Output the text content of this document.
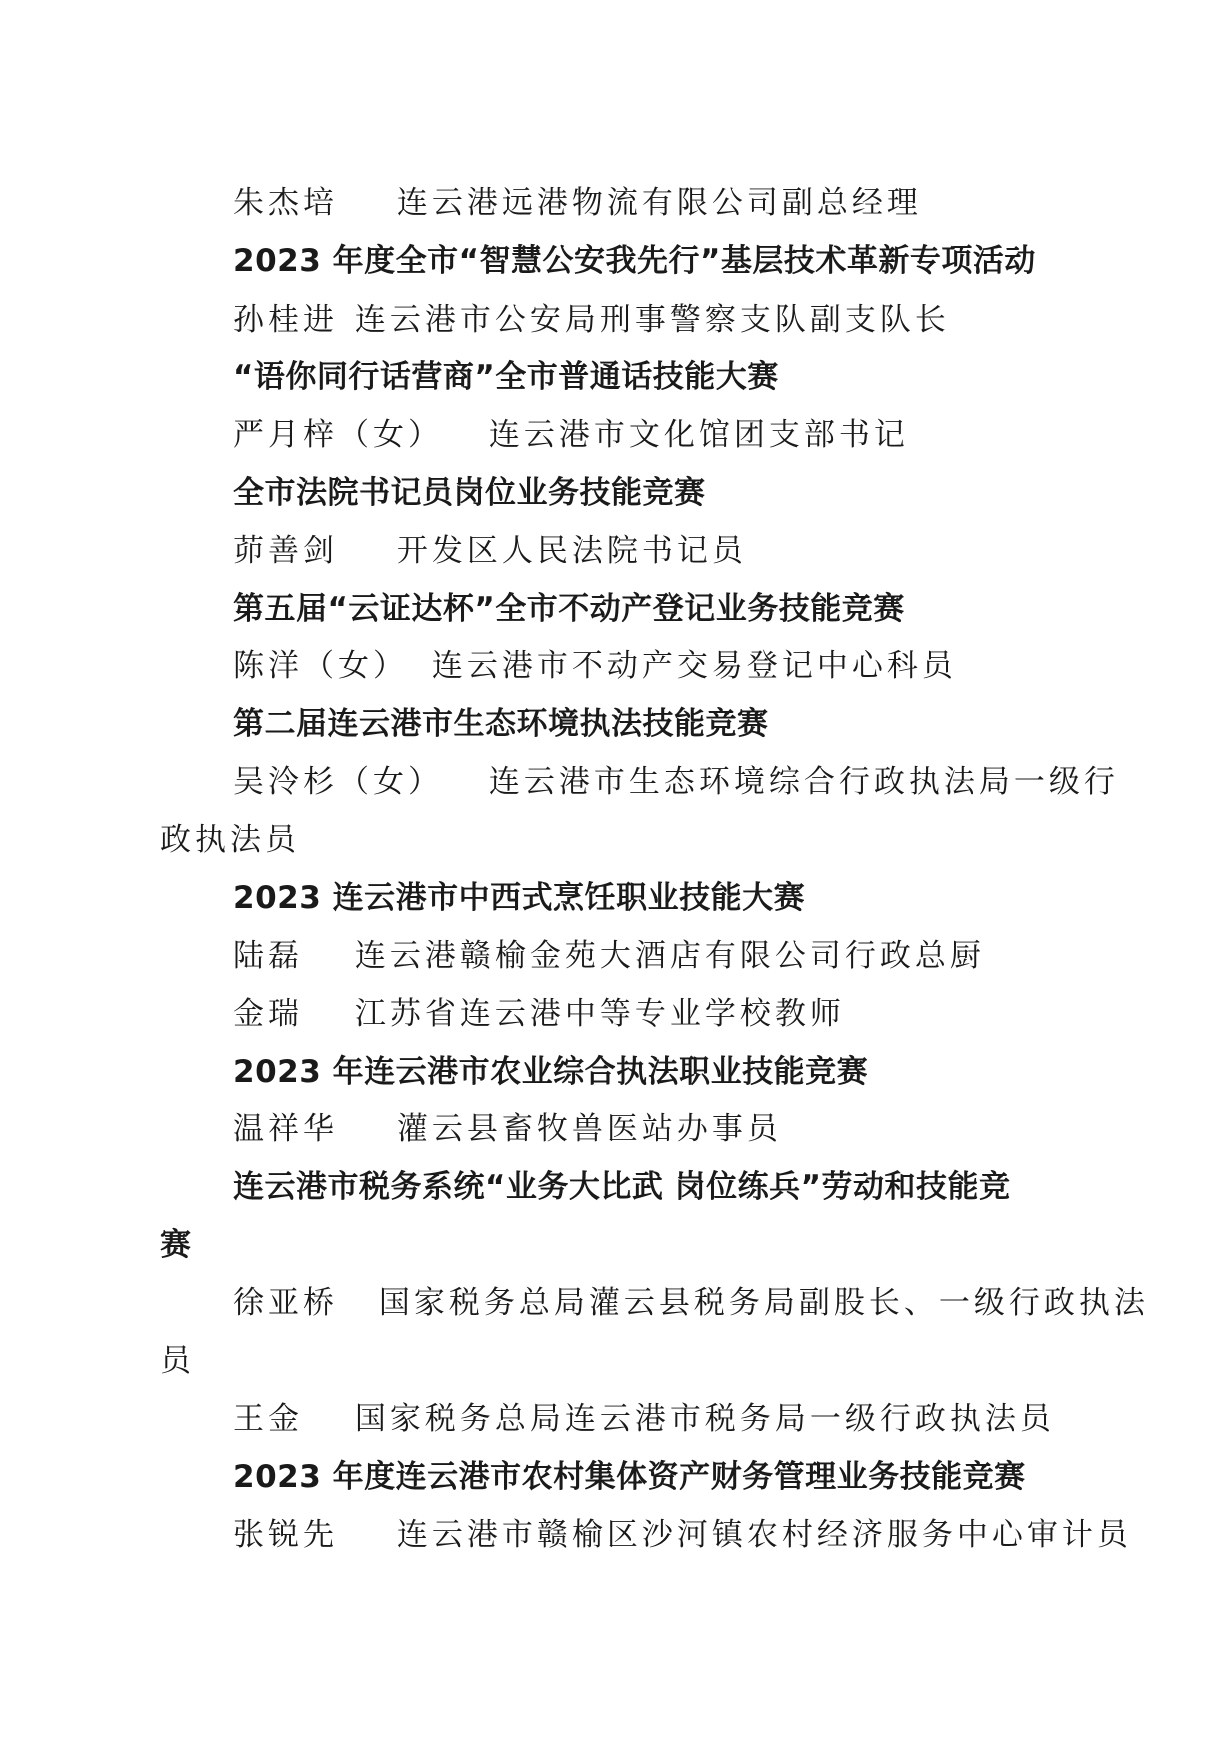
朱杰培 连云港远港物流有限公司副总经理
2023 年度全市“智慧公安我先行”基层技术革新专项活动
孙桂进 连云港市公安局刑事警察支队副支队长
“语你同行话营商”全市普通话技能大赛
严月梓（女） 连云港市文化馆团支部书记
全市法院书记员岗位业务技能竞赛
茆善剑 开发区人民法院书记员
第五届“云证达杯”全市不动产登记业务技能竞赛
陈洋（女） 连云港市不动产交易登记中心科员
第二届连云港市生态环境执法技能竞赛
吴泠杉（女） 连云港市生态环境综合行政执法局一级行
政执法员
2023 连云港市中西式烹饪职业技能大赛
陆磊 连云港赣榆金苑大酒店有限公司行政总厨
金瑞 江苏省连云港中等专业学校教师
2023 年连云港市农业综合执法职业技能竞赛
温祥华 灌云县畜牧兽医站办事员
连云港市税务系统“业务大比武 岗位练兵”劳动和技能竞
赛
徐亚桥 国家税务总局灌云县税务局副股长、一级行政执法
员
王金 国家税务总局连云港市税务局一级行政执法员
2023 年度连云港市农村集体资产财务管理业务技能竞赛
张锐先 连云港市赣榆区沙河镇农村经济服务中心审计员
